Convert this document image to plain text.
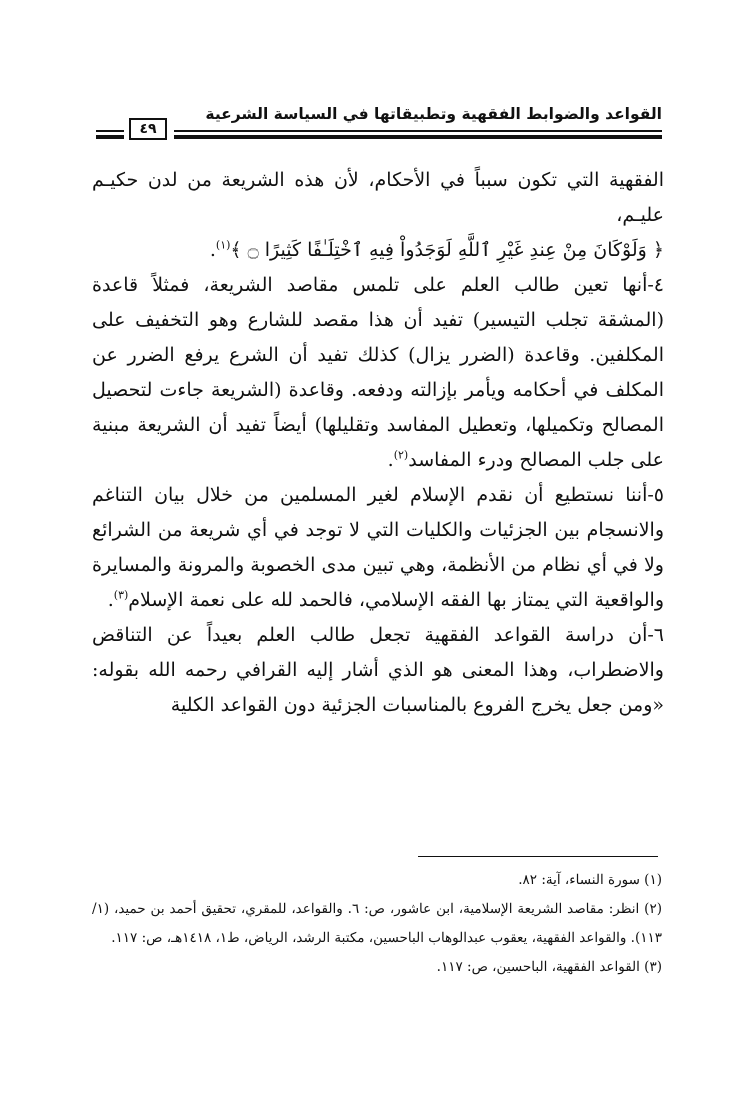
القواعد والضوابط الفقهية وتطبيقاتها في السياسة الشرعية
٤٩

الفقهية التي تكون سبباً في الأحكام، لأن هذه الشريعة من لدن حكيـم عليـم،
﴿ وَلَوْكَانَ مِنْ عِندِ غَيْرِ ٱللَّهِ لَوَجَدُواْ فِيهِ ٱخْتِلَـٰفًا كَثِيرًا ۝ ﴾$^{(١)}$.

٤-أنها تعين طالب العلم على تلمس مقاصد الشريعة، فمثلاً قاعدة (المشقة تجلب التيسير) تفيد أن هذا مقصد للشارع وهو التخفيف على المكلفين. وقاعدة (الضرر يزال) كذلك تفيد أن الشرع يرفع الضرر عن المكلف في أحكامه ويأمر بإزالته ودفعه. وقاعدة (الشريعة جاءت لتحصيل المصالح وتكميلها، وتعطيل المفاسد وتقليلها) أيضاً تفيد أن الشريعة مبنية على جلب المصالح ودرء المفاسد$^{(٢)}$.

٥-أننا نستطيع أن نقدم الإسلام لغير المسلمين من خلال بيان التناغم والانسجام بين الجزئيات والكليات التي لا توجد في أي شريعة من الشرائع ولا في أي نظام من الأنظمة، وهي تبين مدى الخصوبة والمرونة والمسايرة والواقعية التي يمتاز بها الفقه الإسلامي، فالحمد لله على نعمة الإسلام$^{(٣)}$.

٦-أن دراسة القواعد الفقهية تجعل طالب العلم بعيداً عن التناقض والاضطراب، وهذا المعنى هو الذي أشار إليه القرافي رحمه الله بقوله: «ومن جعل يخرج الفروع بالمناسبات الجزئية دون القواعد الكلية

(١) سورة النساء، آية: ٨٢.

(٢) انظر: مقاصد الشريعة الإسلامية، ابن عاشور، ص: ٦. والقواعد، للمقري، تحقيق أحمد بن حميد، (١/ ١١٣). والقواعد الفقهية، يعقوب عبدالوهاب الباحسين، مكتبة الرشد، الرياض، ط١، ١٤١٨هـ، ص: ١١٧.

(٣) القواعد الفقهية، الباحسين، ص: ١١٧.
